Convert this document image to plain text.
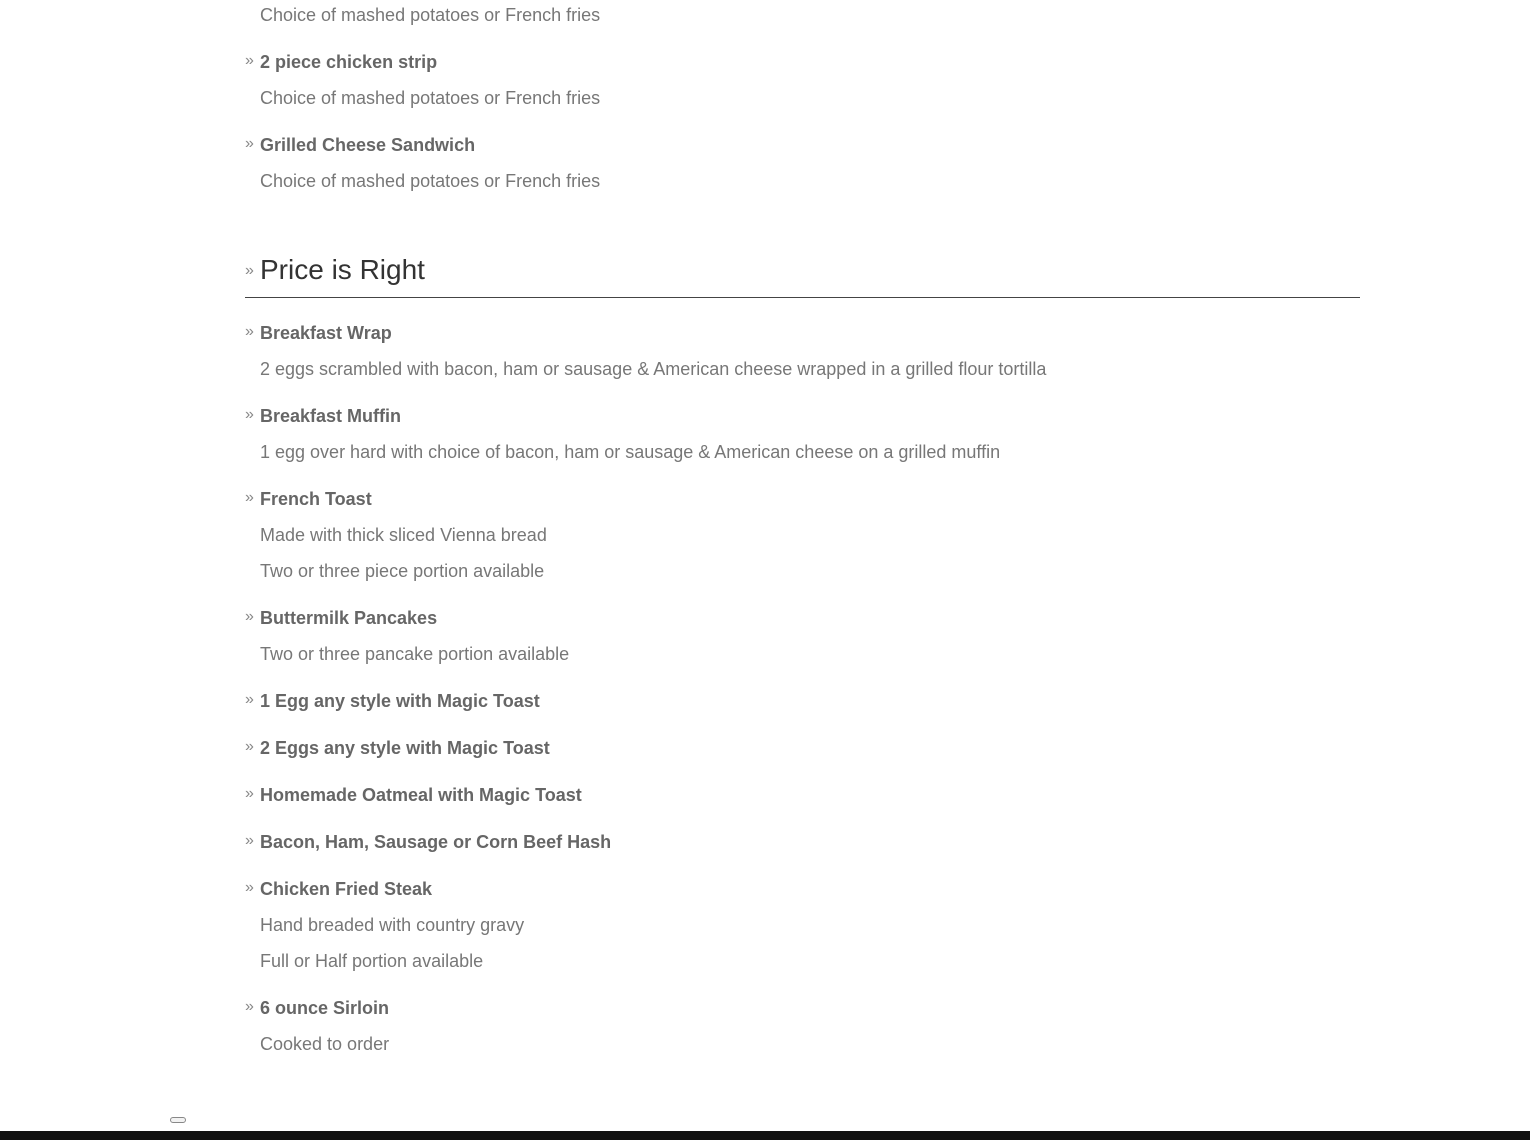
Choice of mashed potatoes or French fries
» 2 piece chicken strip
Choice of mashed potatoes or French fries
» Grilled Cheese Sandwich
Choice of mashed potatoes or French fries
» Price is Right
» Breakfast Wrap
2 eggs scrambled with bacon, ham or sausage & American cheese wrapped in a grilled flour tortilla
» Breakfast Muffin
1 egg over hard with choice of bacon, ham or sausage & American cheese on a grilled muffin
» French Toast
Made with thick sliced Vienna bread
Two or three piece portion available
» Buttermilk Pancakes
Two or three pancake portion available
» 1 Egg any style with Magic Toast
» 2 Eggs any style with Magic Toast
» Homemade Oatmeal with Magic Toast
» Bacon, Ham, Sausage or Corn Beef Hash
» Chicken Fried Steak
Hand breaded with country gravy
Full or Half portion available
» 6 ounce Sirloin
Cooked to order
